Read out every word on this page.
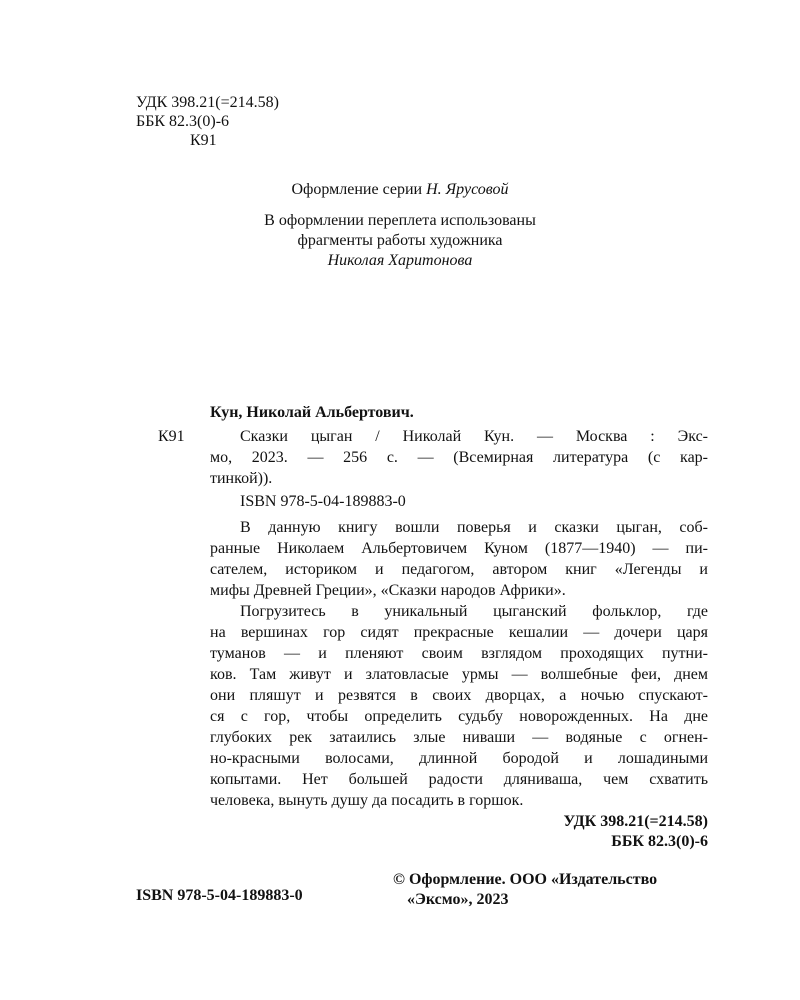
УДК 398.21(=214.58)
ББК 82.3(0)-6
К91
Оформление серии Н. Ярусовой
В оформлении переплета использованы
фрагменты работы художника
Николая Харитонова
Кун, Николай Альбертович.
К91	Сказки цыган / Николай Кун. — Москва : Экс-
мо, 2023. — 256 с. — (Всемирная литература (с кар-
тинкой)).
ISBN 978-5-04-189883-0
В данную книгу вошли поверья и сказки цыган, соб-
ранные Николаем Альбертовичем Куном (1877—1940) — пи-
сателем, историком и педагогом, автором книг «Легенды и
мифы Древней Греции», «Сказки народов Африки».
Погрузитесь в уникальный цыганский фольклор, где
на вершинах гор сидят прекрасные кешалии — дочери царя
туманов — и пленяют своим взглядом проходящих путни-
ков. Там живут и златовласые урмы — волшебные феи, днем
они пляшут и резвятся в своих дворцах, а ночью спускают-
ся с гор, чтобы определить судьбу новорожденных. На дне
глубоких рек затаились злые ниваши — водяные с огнен-
но-красными волосами, длинной бородой и лошадиными
копытами. Нет большей радости дляниваша, чем схватить
человека, вынуть душу да посадить в горшок.
УДК 398.21(=214.58)
ББК 82.3(0)-6
© Оформление. ООО «Издательство
«Эксмо», 2023
ISBN 978-5-04-189883-0
